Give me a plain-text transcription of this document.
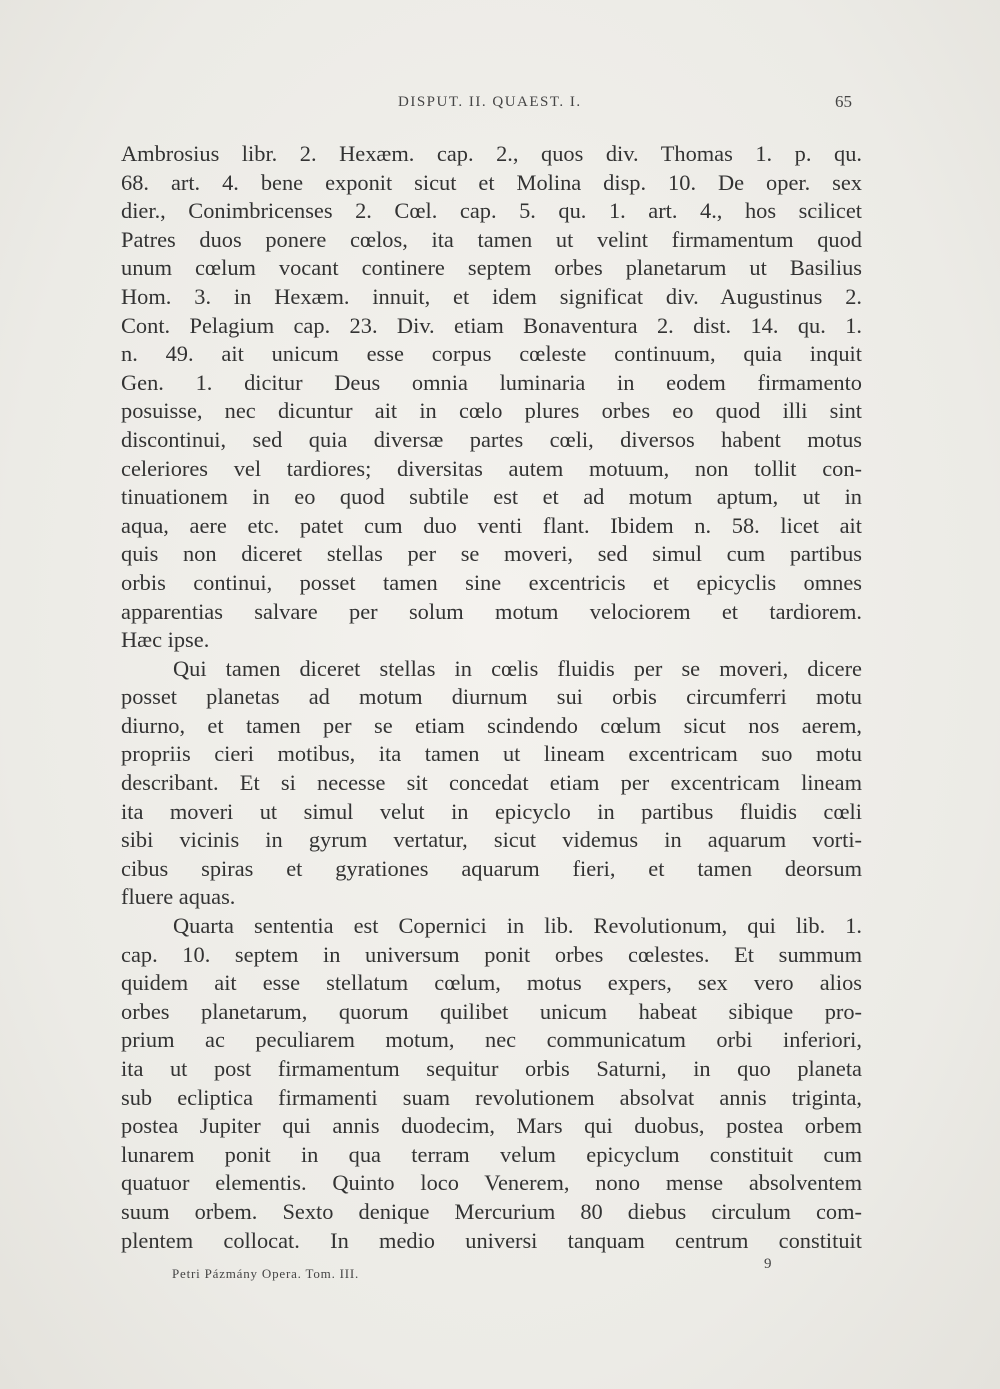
DISPUT. II. QUAEST. I.	65
Ambrosius libr. 2. Hexæm. cap. 2., quos div. Thomas 1. p. qu.
68. art. 4. bene exponit sicut et Molina disp. 10. De oper. sex
dier., Conimbricenses 2. Cœl. cap. 5. qu. 1. art. 4., hos scilicet
Patres duos ponere cœlos, ita tamen ut velint firmamentum quod
unum cœlum vocant continere septem orbes planetarum ut Basilius
Hom. 3. in Hexæm. innuit, et idem significat div. Augustinus 2.
Cont. Pelagium cap. 23. Div. etiam Bonaventura 2. dist. 14. qu. 1.
n. 49. ait unicum esse corpus cœleste continuum, quia inquit
Gen. 1. dicitur Deus omnia luminaria in eodem firmamento
posuisse, nec dicuntur ait in cœlo plures orbes eo quod illi sint
discontinui, sed quia diversæ partes cœli, diversos habent motus
celeriores vel tardiores; diversitas autem motuum, non tollit con-
tinuationem in eo quod subtile est et ad motum aptum, ut in
aqua, aere etc. patet cum duo venti flant. Ibidem n. 58. licet ait
quis non diceret stellas per se moveri, sed simul cum partibus
orbis continui, posset tamen sine excentricis et epicyclis omnes
apparentias salvare per solum motum velociorem et tardiorem.
Hæc ipse.
Qui tamen diceret stellas in cœlis fluidis per se moveri, dicere
posset planetas ad motum diurnum sui orbis circumferri motu
diurno, et tamen per se etiam scindendo cœlum sicut nos aerem,
propriis cieri motibus, ita tamen ut lineam excentricam suo motu
describant. Et si necesse sit concedat etiam per excentricam lineam
ita moveri ut simul velut in epicyclo in partibus fluidis cœli
sibi vicinis in gyrum vertatur, sicut videmus in aquarum vorti-
cibus spiras et gyrationes aquarum fieri, et tamen deorsum
fluere aquas.
Quarta sententia est Copernici in lib. Revolutionum, qui lib. 1.
cap. 10. septem in universum ponit orbes cœlestes. Et summum
quidem ait esse stellatum cœlum, motus expers, sex vero alios
orbes planetarum, quorum quilibet unicum habeat sibique pro-
prium ac peculiarem motum, nec communicatum orbi inferiori,
ita ut post firmamentum sequitur orbis Saturni, in quo planeta
sub ecliptica firmamenti suam revolutionem absolvat annis triginta,
postea Jupiter qui annis duodecim, Mars qui duobus, postea orbem
lunarem ponit in qua terram velum epicyclum constituit cum
quatuor elementis. Quinto loco Venerem, nono mense absolventem
suum orbem. Sexto denique Mercurium 80 diebus circulum com-
plentem collocat. In medio universi tanquam centrum constituit
Petri Pázmány Opera. Tom. III.
9
